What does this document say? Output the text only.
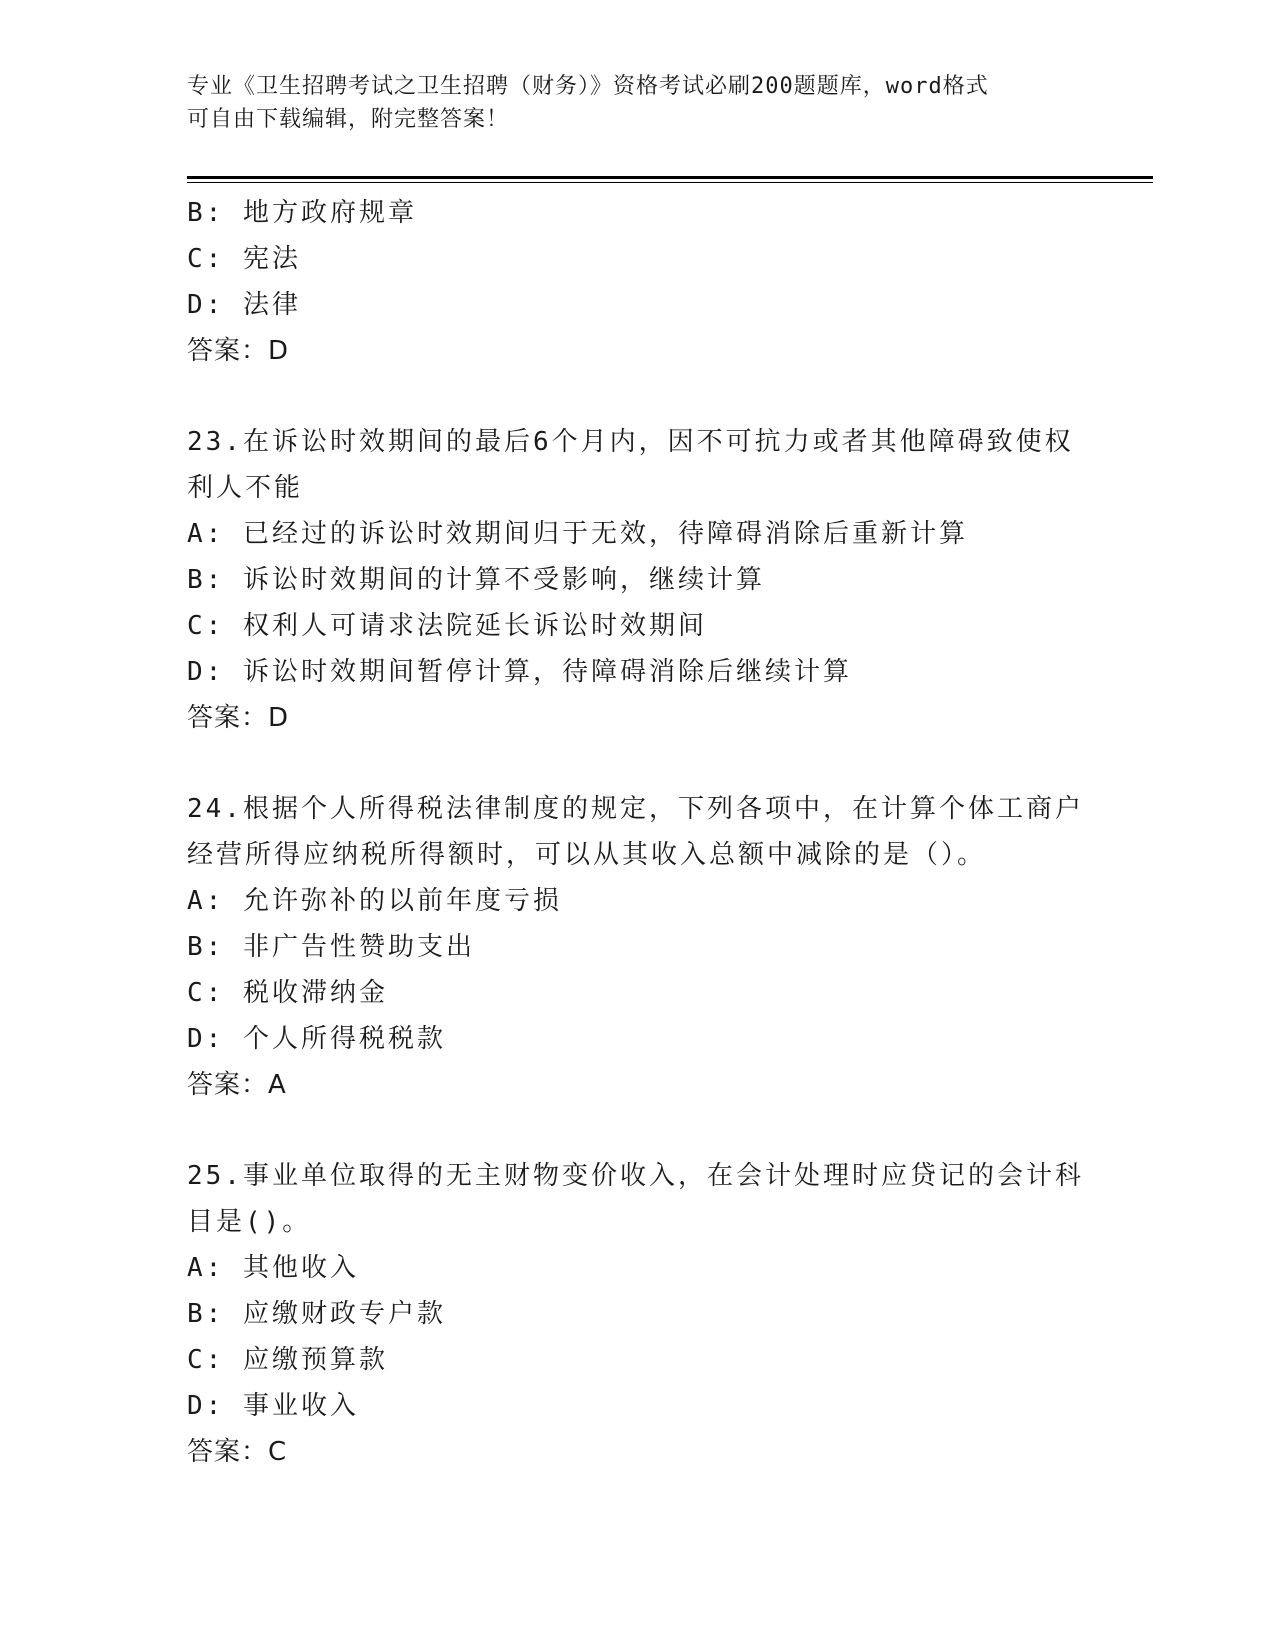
专业《卫生招聘考试之卫生招聘（财务）》资格考试必刷200题题库，word格式
可自由下载编辑，附完整答案！
B: 地方政府规章
C: 宪法
D: 法律
答案：D
23.在诉讼时效期间的最后6个月内，因不可抗力或者其他障碍致使权
利人不能
A: 已经过的诉讼时效期间归于无效，待障碍消除后重新计算
B: 诉讼时效期间的计算不受影响，继续计算
C: 权利人可请求法院延长诉讼时效期间
D: 诉讼时效期间暂停计算，待障碍消除后继续计算
答案：D
24.根据个人所得税法律制度的规定，下列各项中，在计算个体工商户
经营所得应纳税所得额时，可以从其收入总额中减除的是（）。
A: 允许弥补的以前年度亏损
B: 非广告性赞助支出
C: 税收滞纳金
D: 个人所得税税款
答案：A
25.事业单位取得的无主财物变价收入，在会计处理时应贷记的会计科
目是()。
A: 其他收入
B: 应缴财政专户款
C: 应缴预算款
D: 事业收入
答案：C
